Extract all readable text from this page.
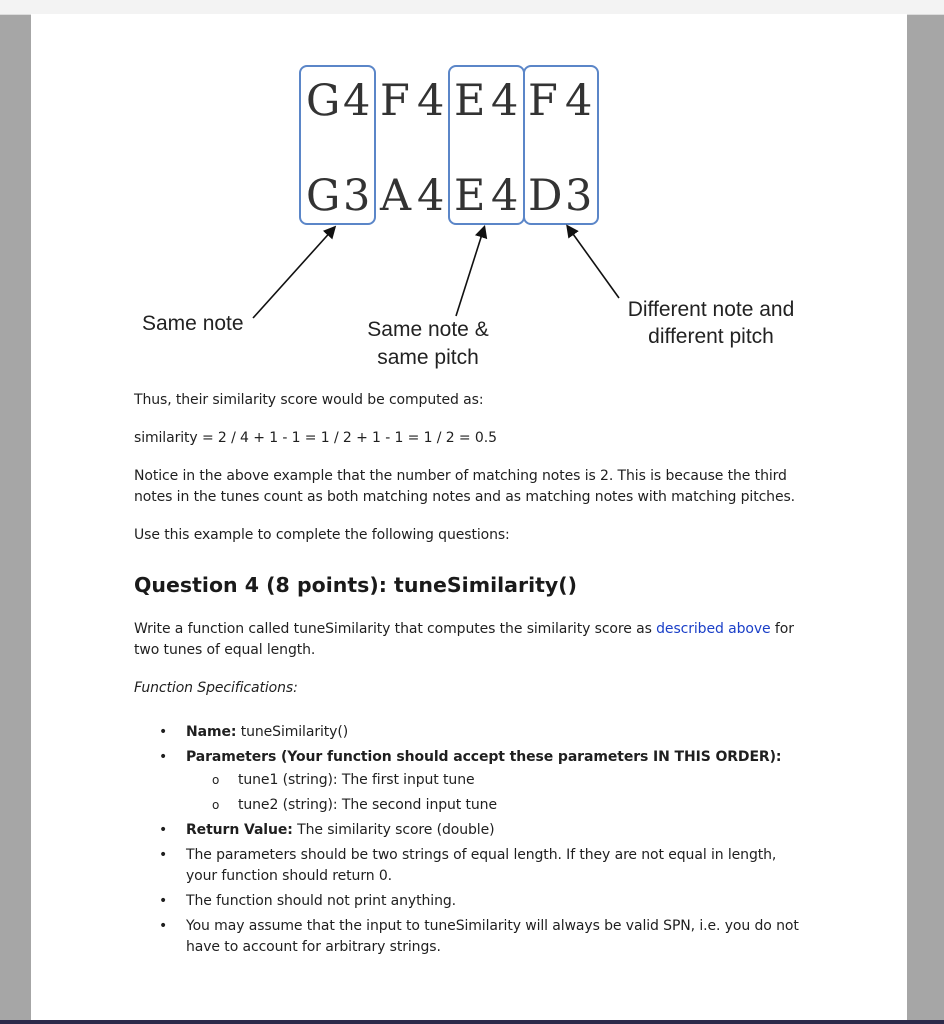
G 4 F 4 E 4 F 4
G 3 A 4 E 4 D 3
Same note	Same note &
same pitch
Different note and
different pitch

Thus, their similarity score would be computed as:

similarity = 2 / 4 + 1 - 1 = 1 / 2 + 1 - 1 = 1 / 2 = 0.5

Notice in the above example that the number of matching notes is 2. This is because the third
notes in the tunes count as both matching notes and as matching notes with matching pitches.

Use this example to complete the following questions:

Question 4 (8 points): tuneSimilarity()

Write a function called tuneSimilarity that computes the similarity score as described above for
two tunes of equal length.

Function Specifications:

• Name: tuneSimilarity()
• Parameters (Your function should accept these parameters IN THIS ORDER):
o tune1 (string): The first input tune
o tune2 (string): The second input tune
• Return Value: The similarity score (double)
• The parameters should be two strings of equal length. If they are not equal in length,
your function should return 0.
• The function should not print anything.
• You may assume that the input to tuneSimilarity will always be valid SPN, i.e. you do not
have to account for arbitrary strings.
